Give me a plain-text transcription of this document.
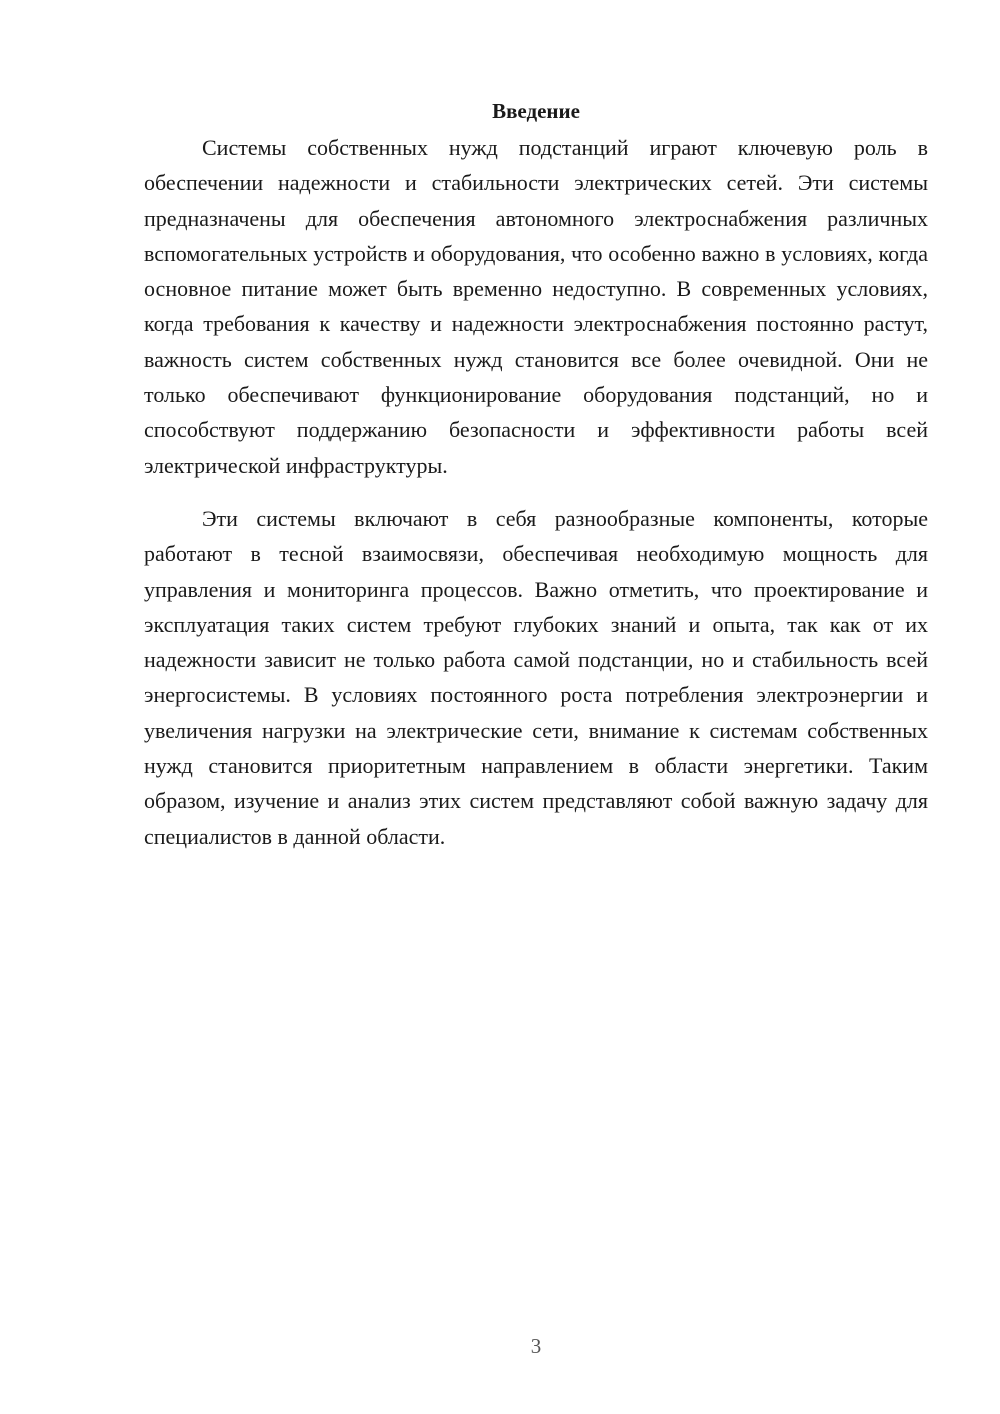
Введение

Системы собственных нужд подстанций играют ключевую роль в обеспечении надежности и стабильности электрических сетей. Эти системы предназначены для обеспечения автономного электроснабжения различных вспомогательных устройств и оборудования, что особенно важно в условиях, когда основное питание может быть временно недоступно. В современных условиях, когда требования к качеству и надежности электроснабжения постоянно растут, важность систем собственных нужд становится все более очевидной. Они не только обеспечивают функционирование оборудования подстанций, но и способствуют поддержанию безопасности и эффективности работы всей электрической инфраструктуры.

Эти системы включают в себя разнообразные компоненты, которые работают в тесной взаимосвязи, обеспечивая необходимую мощность для управления и мониторинга процессов. Важно отметить, что проектирование и эксплуатация таких систем требуют глубоких знаний и опыта, так как от их надежности зависит не только работа самой подстанции, но и стабильность всей энергосистемы. В условиях постоянного роста потребления электроэнергии и увеличения нагрузки на электрические сети, внимание к системам собственных нужд становится приоритетным направлением в области энергетики. Таким образом, изучение и анализ этих систем представляют собой важную задачу для специалистов в данной области.

3
